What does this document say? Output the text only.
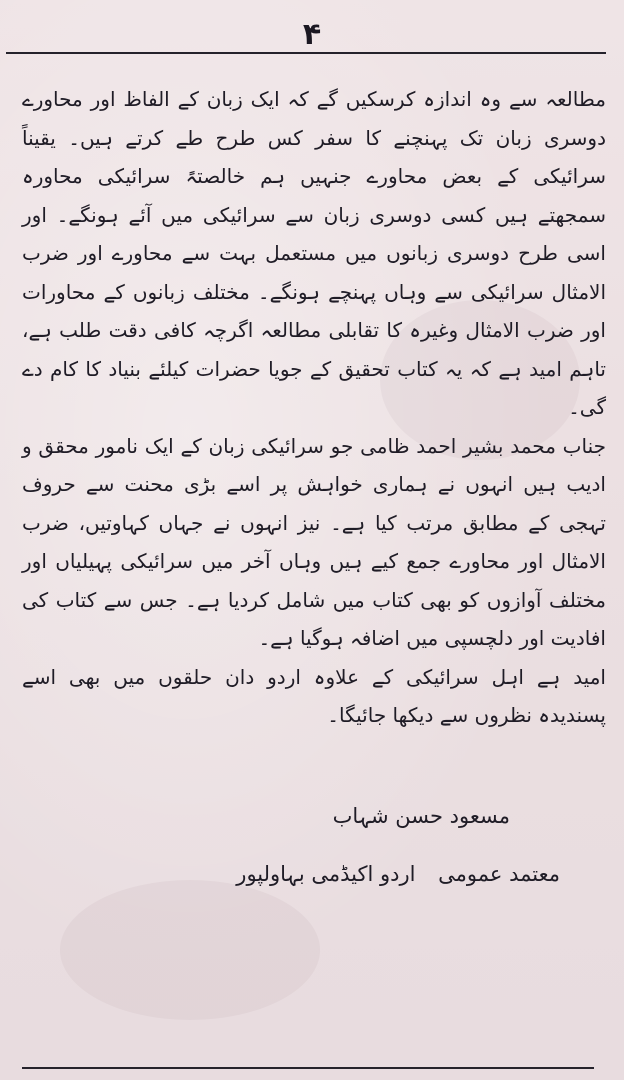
۴

مطالعہ سے وہ اندازہ کرسکیں گے کہ ایک زبان کے الفاظ اور محاورے دوسری زبان تک پہنچنے کا سفر کس طرح طے کرتے ہیں۔ یقیناً سرائیکی کے بعض محاورے جنہیں ہم خالصتہً سرائیکی محاورہ سمجھتے ہیں کسی دوسری زبان سے سرائیکی میں آئے ہونگے۔ اور اسی طرح دوسری زبانوں میں مستعمل بہت سے محاورے اور ضرب الامثال سرائیکی سے وہاں پہنچے ہونگے۔ مختلف زبانوں کے محاورات اور ضرب الامثال وغیرہ کا تقابلی مطالعہ اگرچہ کافی دقت طلب ہے، تاہم امید ہے کہ یہ کتاب تحقیق کے جویا حضرات کیلئے بنیاد کا کام دے گی۔

جناب محمد بشیر احمد ظامی جو سرائیکی زبان کے ایک نامور محقق و ادیب ہیں انہوں نے ہماری خواہش پر اسے بڑی محنت سے حروف تہجی کے مطابق مرتب کیا ہے۔ نیز انہوں نے جہاں کہاوتیں، ضرب الامثال اور محاورے جمع کیے ہیں وہاں آخر میں سرائیکی پہیلیاں اور مختلف آوازوں کو بھی کتاب میں شامل کردیا ہے۔ جس سے کتاب کی افادیت اور دلچسپی میں اضافہ ہوگیا ہے۔

امید ہے اہل سرائیکی کے علاوہ اردو دان حلقوں میں بھی اسے پسندیدہ نظروں سے دیکھا جائیگا۔

مسعود حسن شہاب
معتمد عمومی اردو اکیڈمی بہاولپور
